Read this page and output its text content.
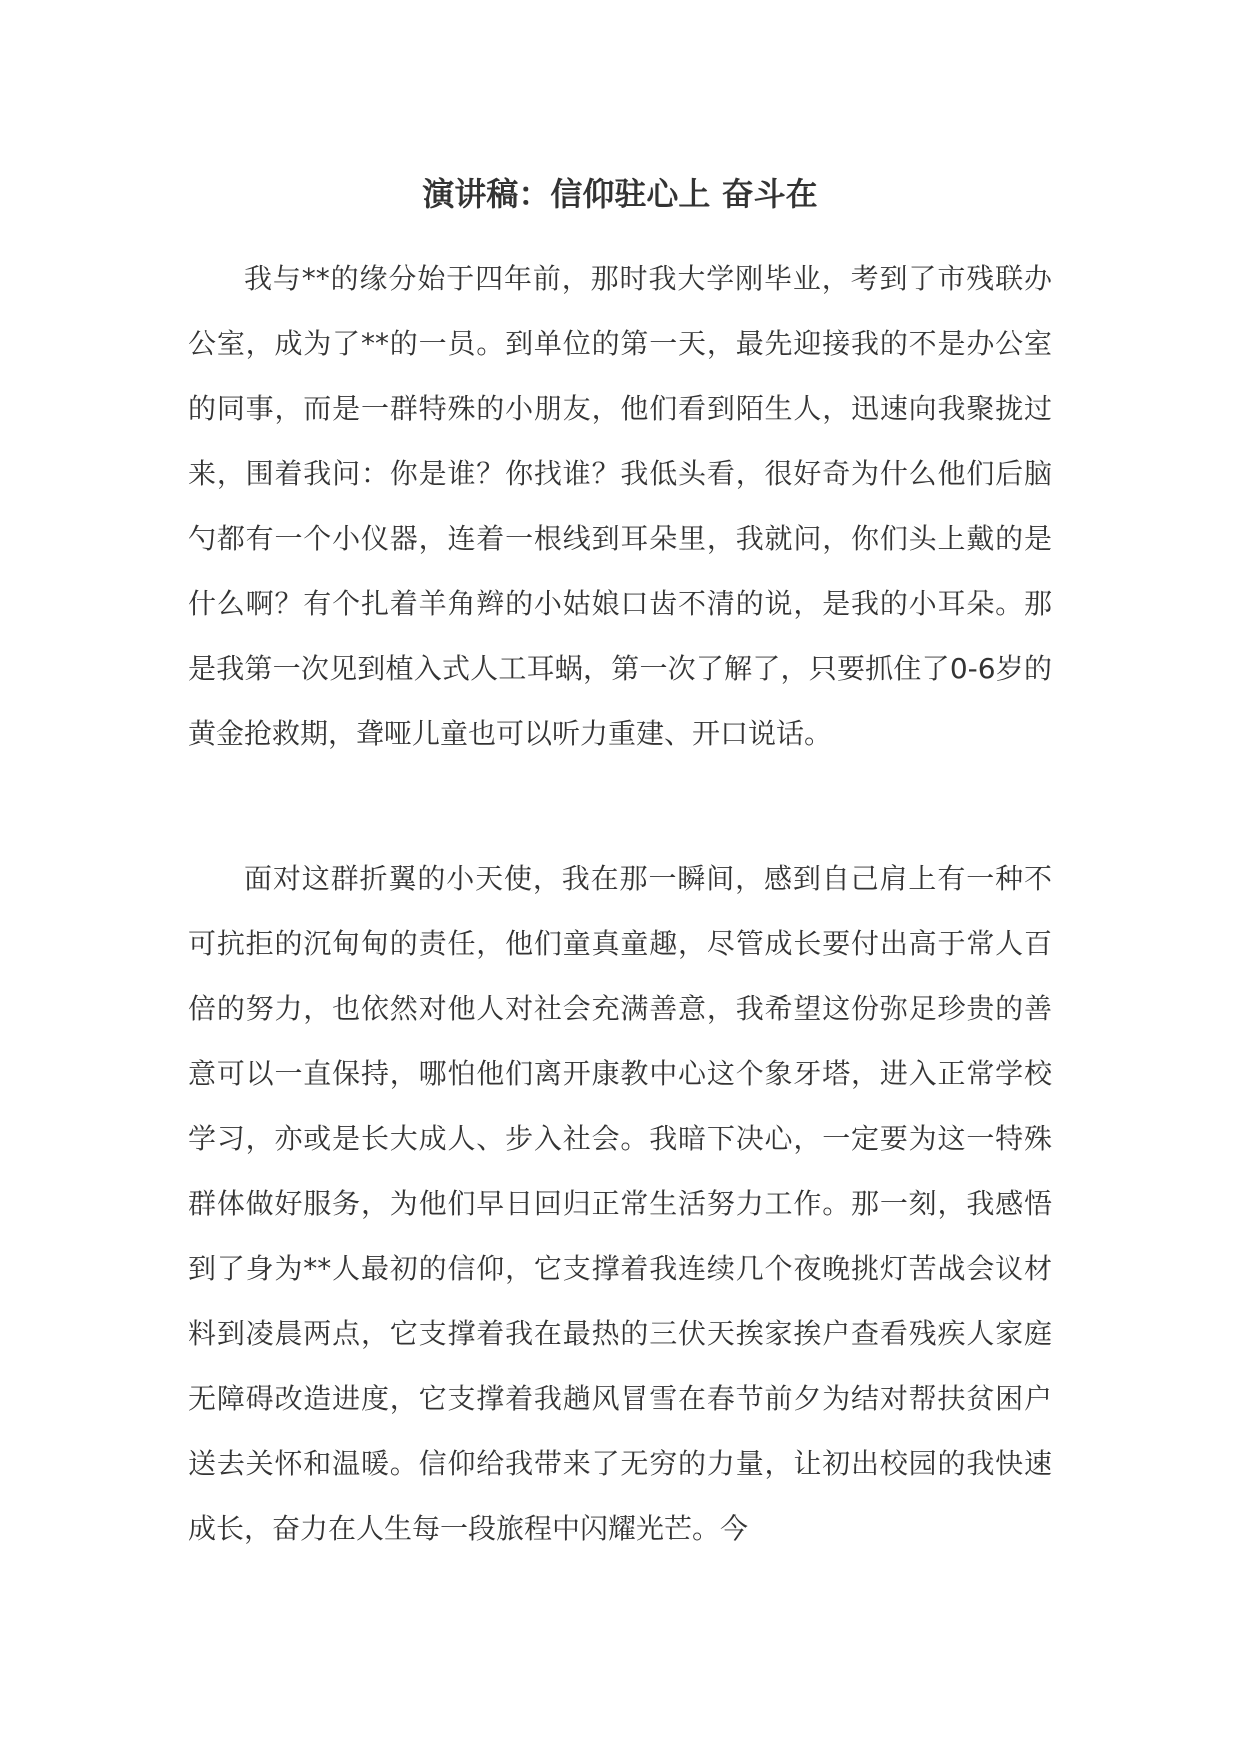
演讲稿：信仰驻心上 奋斗在

我与**的缘分始于四年前，那时我大学刚毕业，考到了市残联办公室，成为了**的一员。到单位的第一天，最先迎接我的不是办公室的同事，而是一群特殊的小朋友，他们看到陌生人，迅速向我聚拢过来，围着我问：你是谁？你找谁？我低头看，很好奇为什么他们后脑勺都有一个小仪器，连着一根线到耳朵里，我就问，你们头上戴的是什么啊？有个扎着羊角辫的小姑娘口齿不清的说，是我的小耳朵。那是我第一次见到植入式人工耳蜗，第一次了解了，只要抓住了0-6岁的黄金抢救期，聋哑儿童也可以听力重建、开口说话。

面对这群折翼的小天使，我在那一瞬间，感到自己肩上有一种不可抗拒的沉甸甸的责任，他们童真童趣，尽管成长要付出高于常人百倍的努力，也依然对他人对社会充满善意，我希望这份弥足珍贵的善意可以一直保持，哪怕他们离开康教中心这个象牙塔，进入正常学校学习，亦或是长大成人、步入社会。我暗下决心，一定要为这一特殊群体做好服务，为他们早日回归正常生活努力工作。那一刻，我感悟到了身为**人最初的信仰，它支撑着我连续几个夜晚挑灯苦战会议材料到凌晨两点，它支撑着我在最热的三伏天挨家挨户查看残疾人家庭无障碍改造进度，它支撑着我趟风冒雪在春节前夕为结对帮扶贫困户送去关怀和温暖。信仰给我带来了无穷的力量，让初出校园的我快速成长，奋力在人生每一段旅程中闪耀光芒。今
